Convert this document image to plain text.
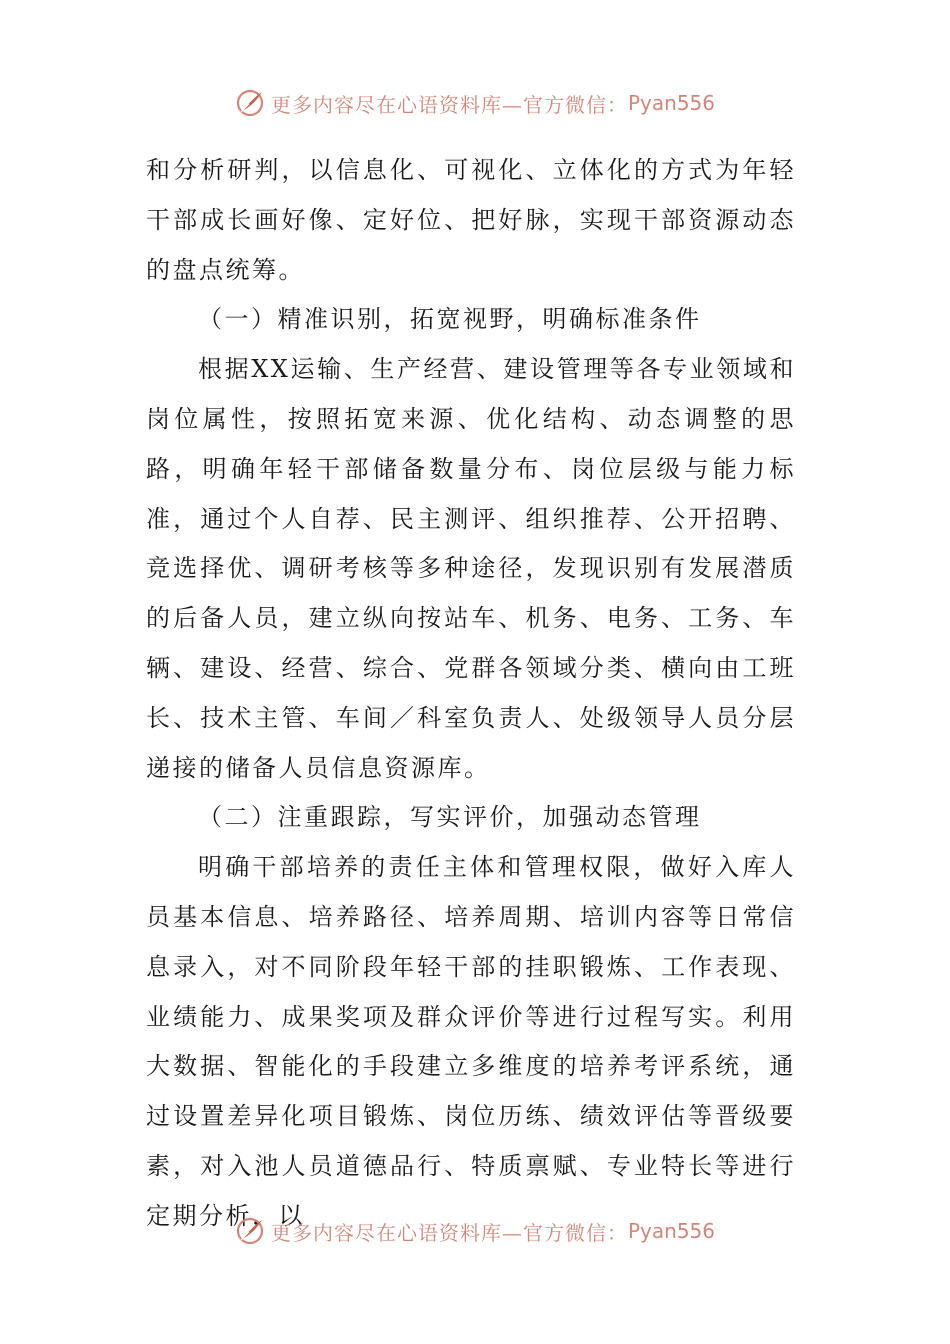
更多内容尽在心语资料库—官方微信： Pyan556

和分析研判，以信息化、可视化、立体化的方式为年轻干部成长画好像、定好位、把好脉，实现干部资源动态的盘点统筹。

（一）精准识别，拓宽视野，明确标准条件

根据XX运输、生产经营、建设管理等各专业领域和岗位属性，按照拓宽来源、优化结构、动态调整的思路，明确年轻干部储备数量分布、岗位层级与能力标准，通过个人自荐、民主测评、组织推荐、公开招聘、竞选择优、调研考核等多种途径，发现识别有发展潜质的后备人员，建立纵向按站车、机务、电务、工务、车辆、建设、经营、综合、党群各领域分类、横向由工班长、技术主管、车间／科室负责人、处级领导人员分层递接的储备人员信息资源库。

（二）注重跟踪，写实评价，加强动态管理

明确干部培养的责任主体和管理权限，做好入库人员基本信息、培养路径、培养周期、培训内容等日常信息录入，对不同阶段年轻干部的挂职锻炼、工作表现、业绩能力、成果奖项及群众评价等进行过程写实。利用大数据、智能化的手段建立多维度的培养考评系统，通过设置差异化项目锻炼、岗位历练、绩效评估等晋级要素，对入池人员道德品行、特质禀赋、专业特长等进行定期分析，以

更多内容尽在心语资料库—官方微信： Pyan556
